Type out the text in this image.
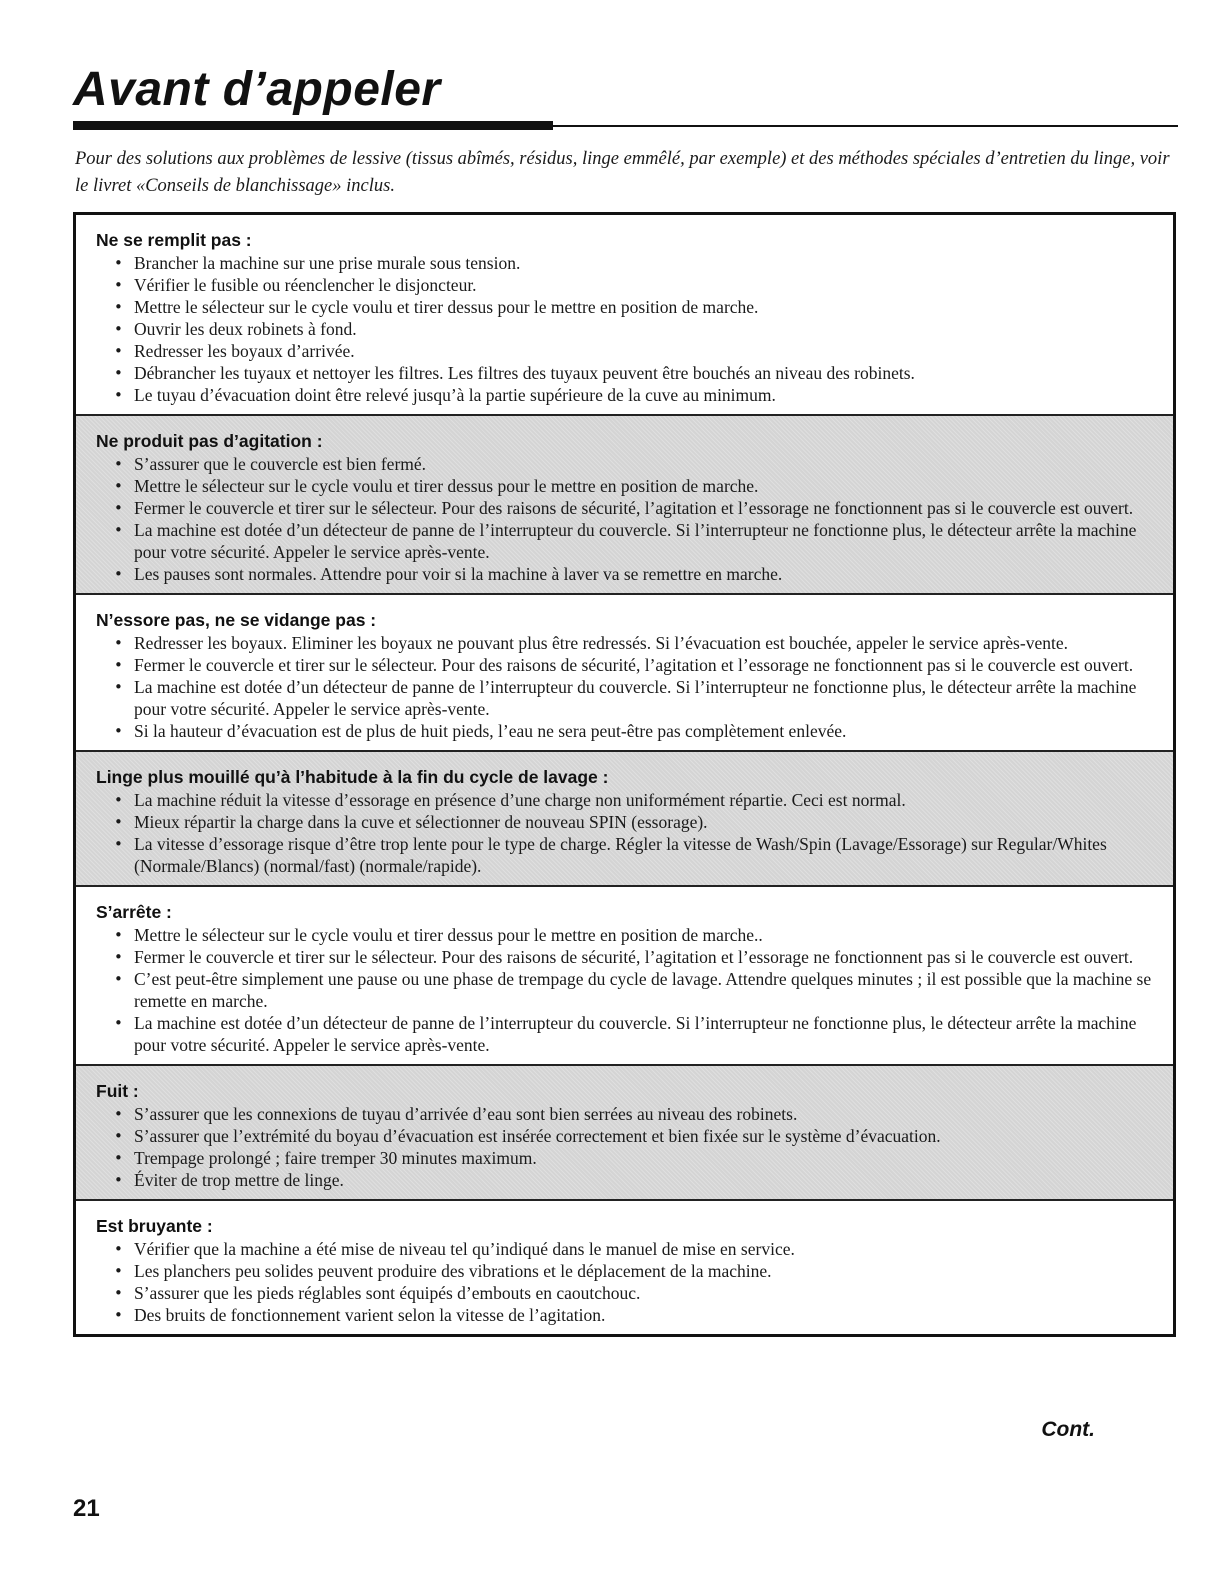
Avant d’appeler

Pour des solutions aux problèmes de lessive (tissus abîmés, résidus, linge emmêlé, par exemple) et des méthodes spéciales d’entretien du linge, voir le livret «Conseils de blanchissage» inclus.

Ne se remplit pas :
• Brancher la machine sur une prise murale sous tension.
• Vérifier le fusible ou réenclencher le disjoncteur.
• Mettre le sélecteur sur le cycle voulu et tirer dessus pour le mettre en position de marche.
• Ouvrir les deux robinets à fond.
• Redresser les boyaux d’arrivée.
• Débrancher les tuyaux et nettoyer les filtres. Les filtres des tuyaux peuvent être bouchés an niveau des robinets.
• Le tuyau d’évacuation doint être relevé jusqu’à la partie supérieure de la cuve au minimum.
Ne produit pas d’agitation :
• S’assurer que le couvercle est bien fermé.
• Mettre le sélecteur sur le cycle voulu et tirer dessus pour le mettre en position de marche.
• Fermer le couvercle et tirer sur le sélecteur. Pour des raisons de sécurité, l’agitation et l’essorage ne fonctionnent pas si le couvercle est ouvert.
• La machine est dotée d’un détecteur de panne de l’interrupteur du couvercle. Si l’interrupteur ne fonctionne plus, le détecteur arrête la machine pour votre sécurité. Appeler le service après-vente.
• Les pauses sont normales. Attendre pour voir si la machine à laver va se remettre en marche.
N’essore pas, ne se vidange pas :
• Redresser les boyaux. Eliminer les boyaux ne pouvant plus être redressés. Si l’évacuation est bouchée, appeler le service après-vente.
• Fermer le couvercle et tirer sur le sélecteur. Pour des raisons de sécurité, l’agitation et l’essorage ne fonctionnent pas si le couvercle est ouvert.
• La machine est dotée d’un détecteur de panne de l’interrupteur du couvercle. Si l’interrupteur ne fonctionne plus, le détecteur arrête la machine pour votre sécurité. Appeler le service après-vente.
• Si la hauteur d’évacuation est de plus de huit pieds, l’eau ne sera peut-être pas complètement enlevée.
Linge plus mouillé qu’à l’habitude à la fin du cycle de lavage :
• La machine réduit la vitesse d’essorage en présence d’une charge non uniformément répartie. Ceci est normal.
• Mieux répartir la charge dans la cuve et sélectionner de nouveau SPIN (essorage).
• La vitesse d’essorage risque d’être trop lente pour le type de charge. Régler la vitesse de Wash/Spin (Lavage/Essorage) sur Regular/Whites (Normale/Blancs) (normal/fast) (normale/rapide).
S’arrête :
• Mettre le sélecteur sur le cycle voulu et tirer dessus pour le mettre en position de marche..
• Fermer le couvercle et tirer sur le sélecteur. Pour des raisons de sécurité, l’agitation et l’essorage ne fonctionnent pas si le couvercle est ouvert.
• C’est peut-être simplement une pause ou une phase de trempage du cycle de lavage. Attendre quelques minutes ; il est possible que la machine se remette en marche.
• La machine est dotée d’un détecteur de panne de l’interrupteur du couvercle. Si l’interrupteur ne fonctionne plus, le détecteur arrête la machine pour votre sécurité. Appeler le service après-vente.
Fuit :
• S’assurer que les connexions de tuyau d’arrivée d’eau sont bien serrées au niveau des robinets.
• S’assurer que l’extrémité du boyau d’évacuation est insérée correctement et bien fixée sur le système d’évacuation.
• Trempage prolongé ; faire tremper 30 minutes maximum.
• Éviter de trop mettre de linge.
Est bruyante :
• Vérifier que la machine a été mise de niveau tel qu’indiqué dans le manuel de mise en service.
• Les planchers peu solides peuvent produire des vibrations et le déplacement de la machine.
• S’assurer que les pieds réglables sont équipés d’embouts en caoutchouc.
• Des bruits de fonctionnement varient selon la vitesse de l’agitation.
Cont.
21
